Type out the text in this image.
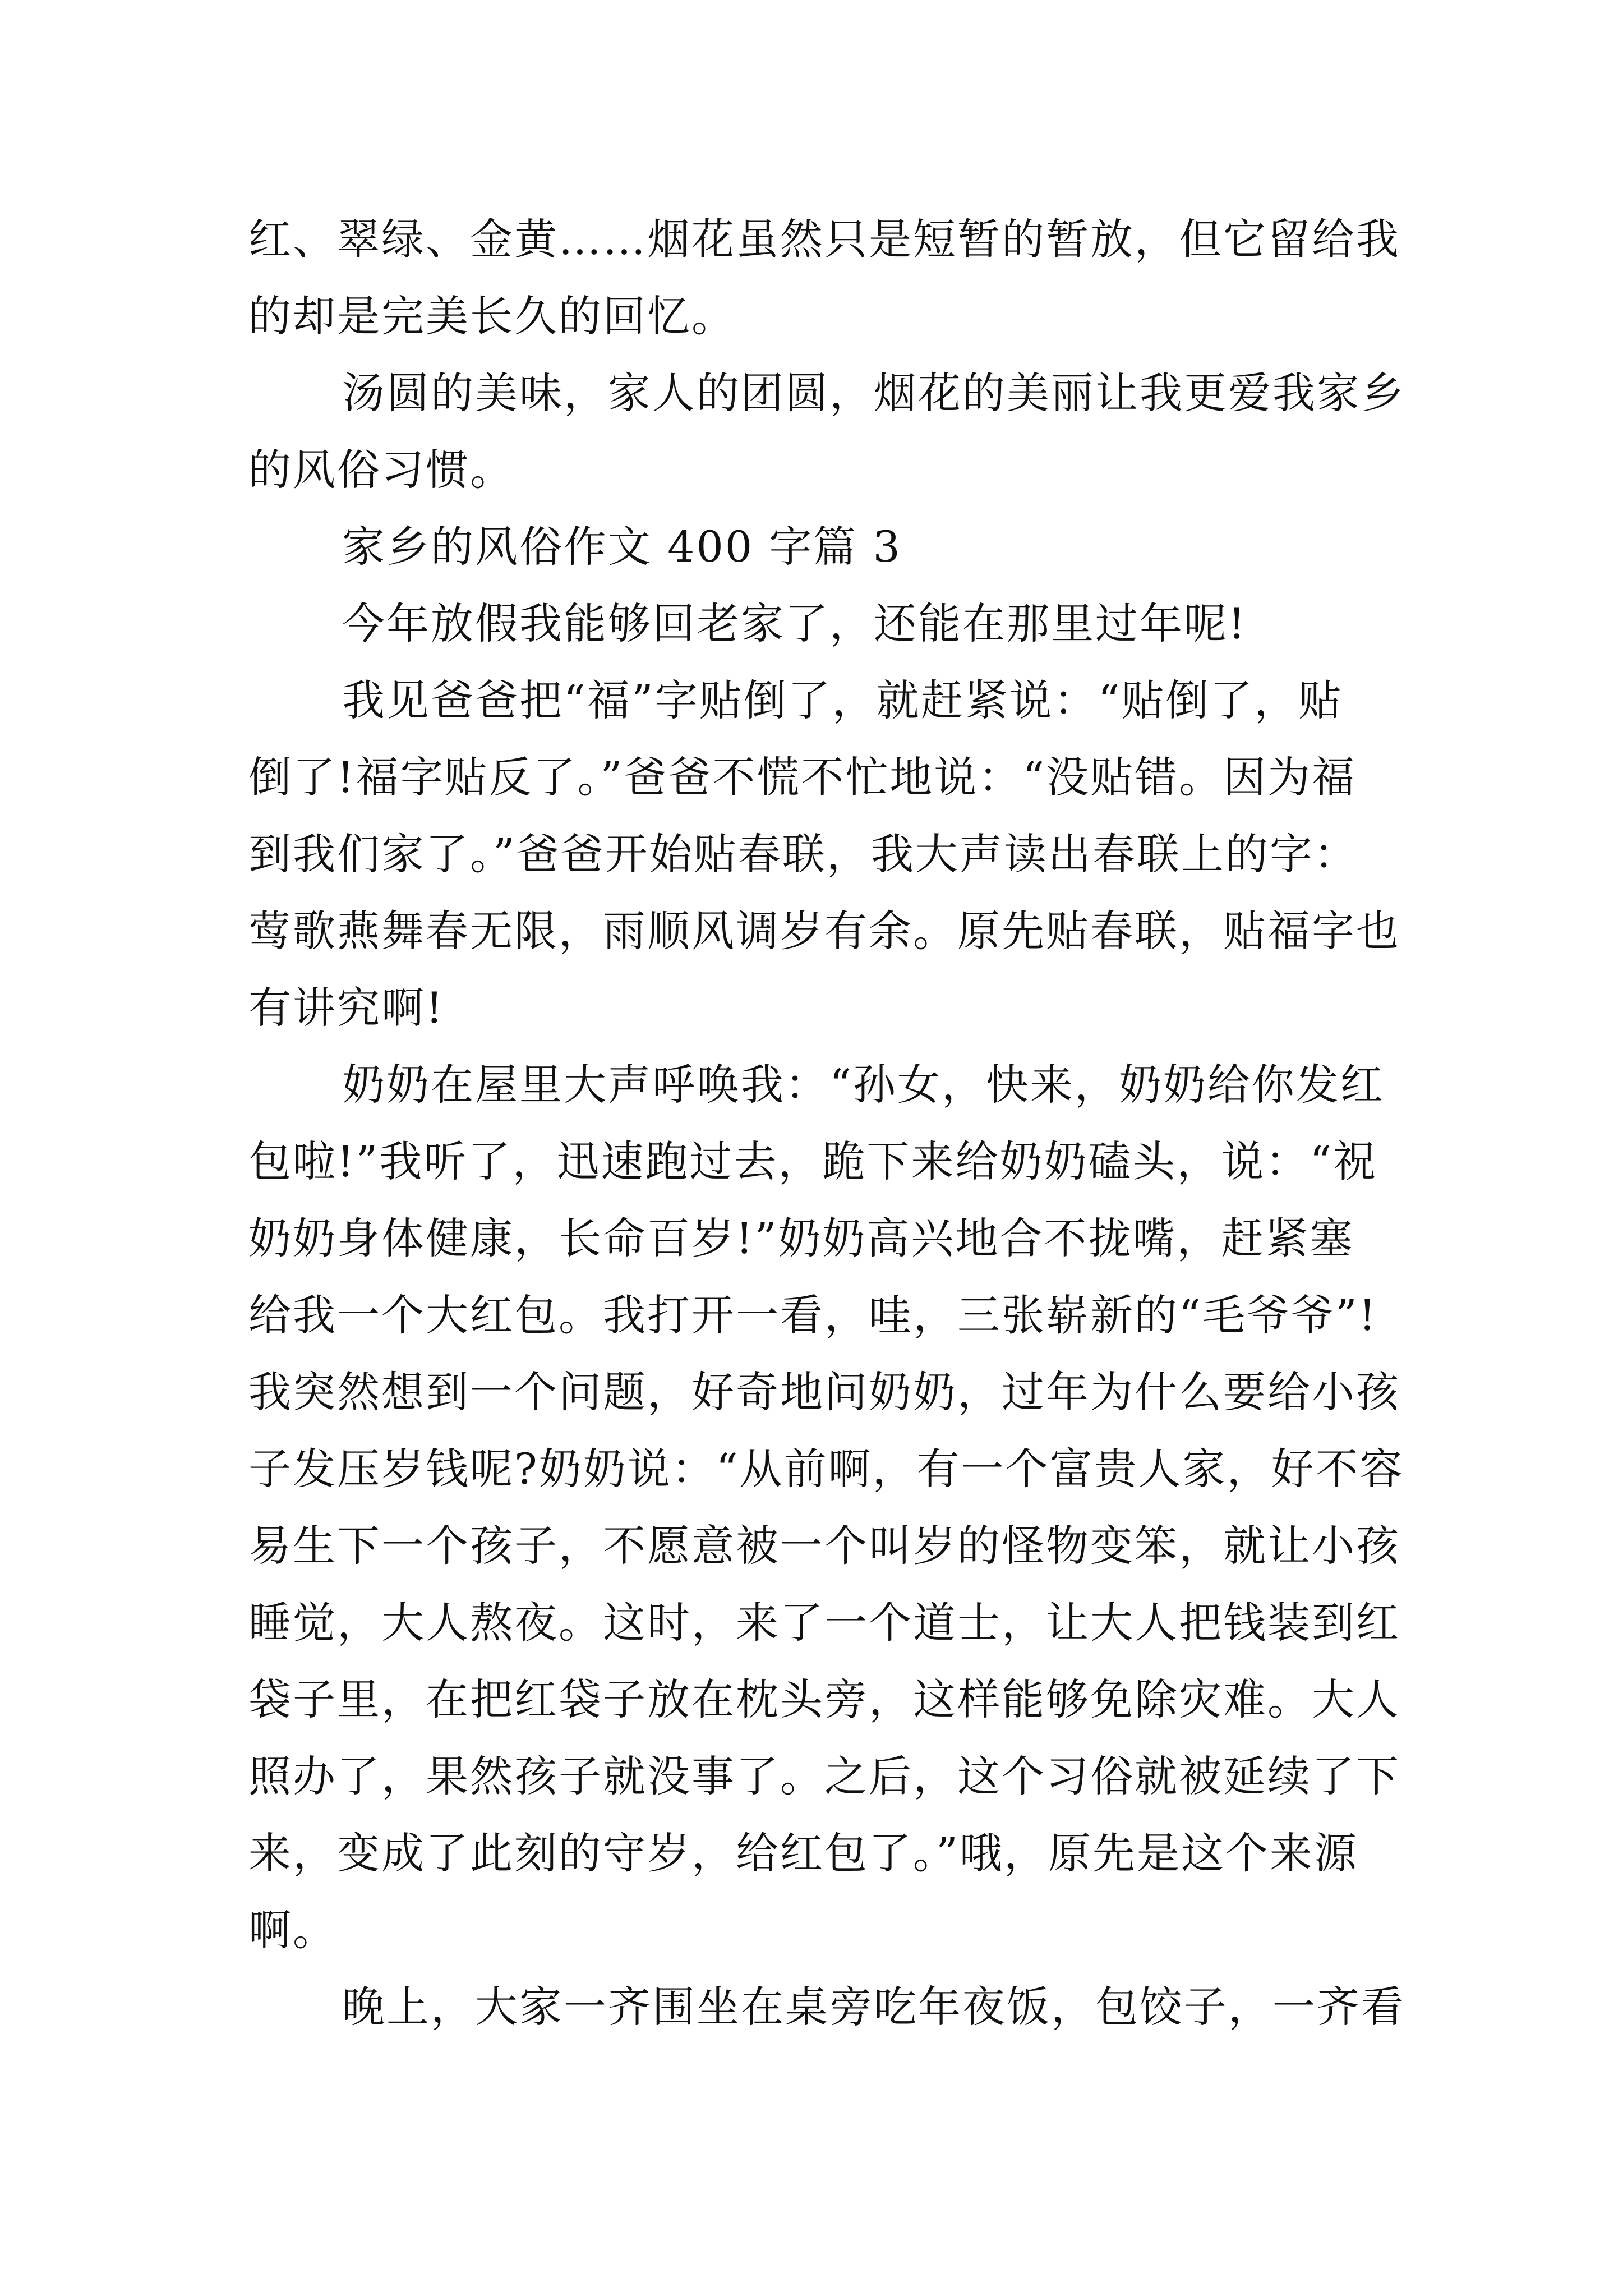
红、翠绿、金黄……烟花虽然只是短暂的暂放，但它留给我
的却是完美长久的回忆。
汤圆的美味，家人的团圆，烟花的美丽让我更爱我家乡
的风俗习惯。
家乡的风俗作文 400 字篇 3
今年放假我能够回老家了，还能在那里过年呢!
我见爸爸把“福”字贴倒了，就赶紧说：“贴倒了，贴
倒了!福字贴反了。”爸爸不慌不忙地说：“没贴错。因为福
到我们家了。”爸爸开始贴春联，我大声读出春联上的字：
莺歌燕舞春无限，雨顺风调岁有余。原先贴春联，贴福字也
有讲究啊!
奶奶在屋里大声呼唤我：“孙女，快来，奶奶给你发红
包啦!”我听了，迅速跑过去，跪下来给奶奶磕头，说：“祝
奶奶身体健康，长命百岁!”奶奶高兴地合不拢嘴，赶紧塞
给我一个大红包。我打开一看，哇，三张崭新的“毛爷爷”!
我突然想到一个问题，好奇地问奶奶，过年为什么要给小孩
子发压岁钱呢?奶奶说：“从前啊，有一个富贵人家，好不容
易生下一个孩子，不愿意被一个叫岁的怪物变笨，就让小孩
睡觉，大人熬夜。这时，来了一个道士，让大人把钱装到红
袋子里，在把红袋子放在枕头旁，这样能够免除灾难。大人
照办了，果然孩子就没事了。之后，这个习俗就被延续了下
来，变成了此刻的守岁，给红包了。”哦，原先是这个来源
啊。
晚上，大家一齐围坐在桌旁吃年夜饭，包饺子，一齐看
